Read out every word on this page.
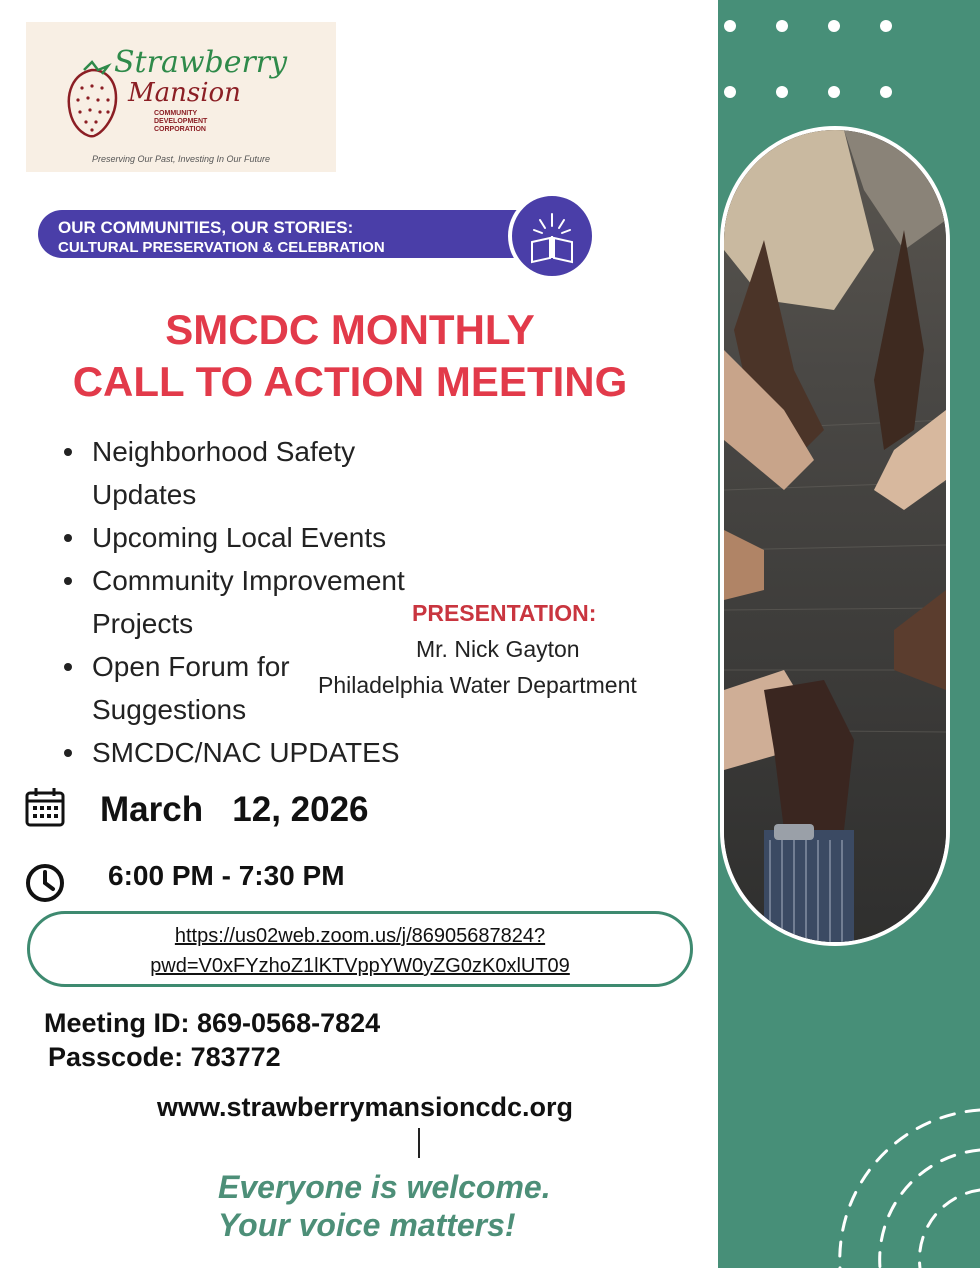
Strawberry
Mansion
COMMUNITY DEVELOPMENT CORPORATION
Preserving Our Past, Investing In Our Future
OUR COMMUNITIES, OUR STORIES:
CULTURAL PRESERVATION & CELEBRATION
SMCDC MONTHLY
CALL TO ACTION MEETING
Neighborhood Safety Updates
Upcoming Local Events
Community Improvement Projects
Open Forum for Suggestions
SMCDC/NAC UPDATES
PRESENTATION:
Mr. Nick Gayton
Philadelphia Water Department
March   12, 2026
6:00 PM - 7:30 PM
https://us02web.zoom.us/j/86905687824?
pwd=V0xFYzhoZ1lKTVppYW0yZG0zK0xlUT09
Meeting ID: 869-0568-7824
Passcode: 783772
www.strawberrymansioncdc.org
Everyone is welcome.
Your voice matters!
